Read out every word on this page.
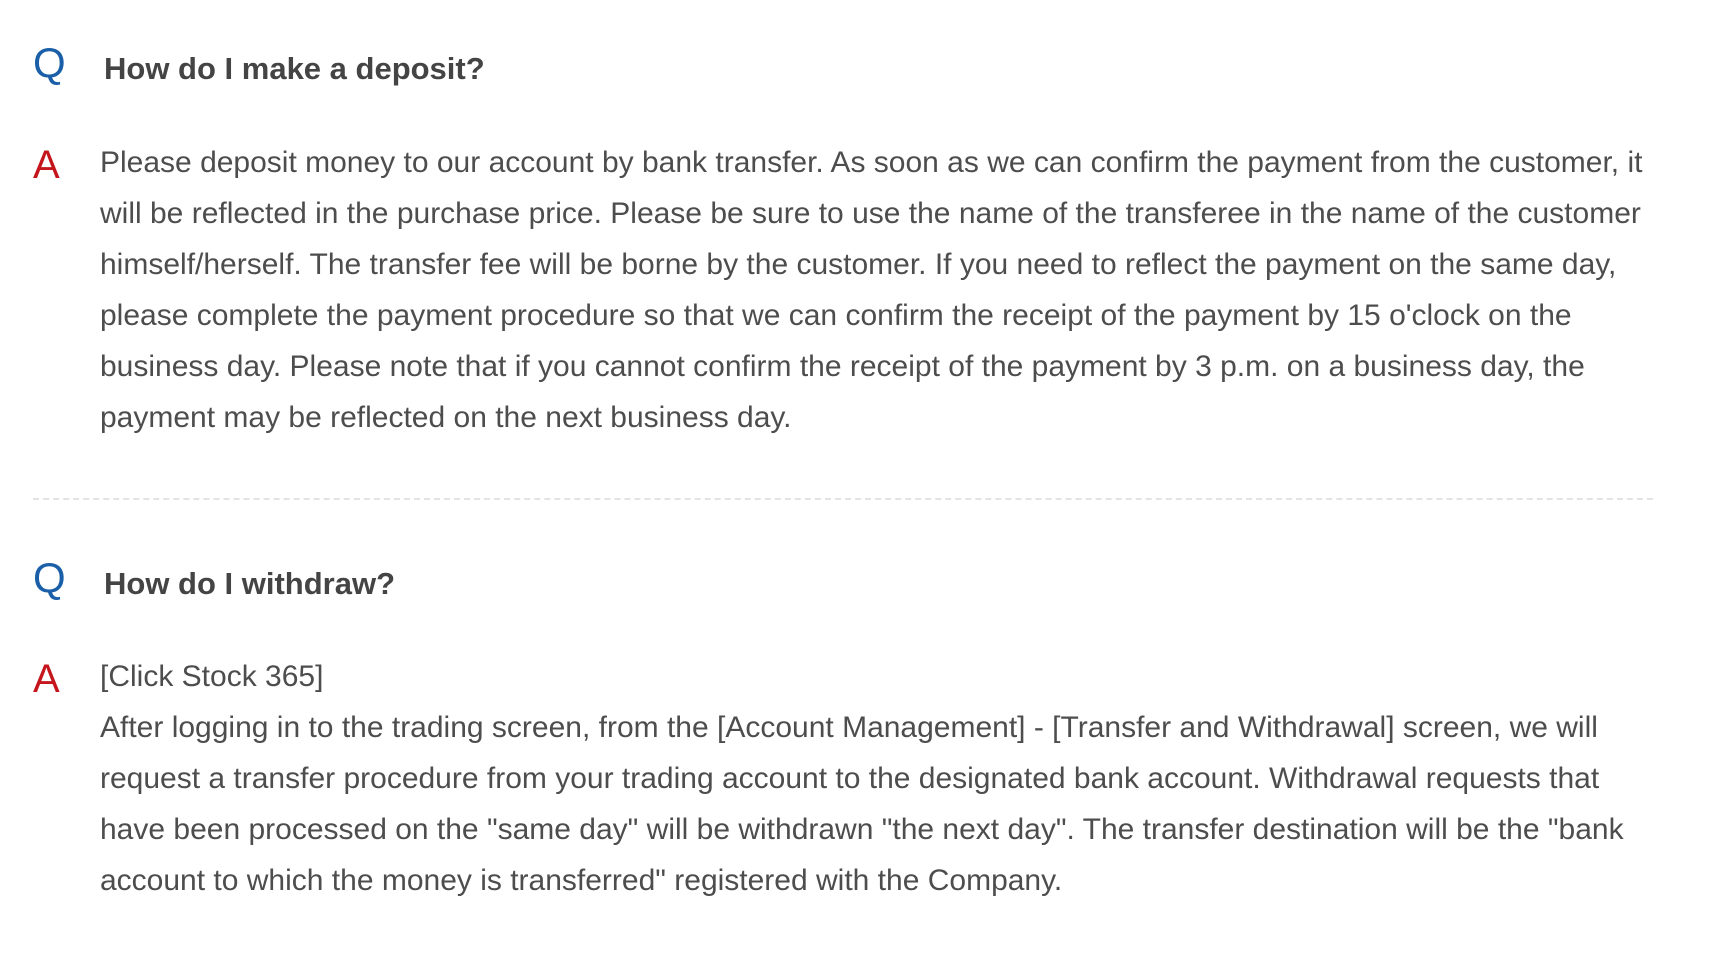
Q	How do I make a deposit?
A	Please deposit money to our account by bank transfer. As soon as we can confirm the payment from the customer, it will be reflected in the purchase price. Please be sure to use the name of the transferee in the name of the customer himself/herself. The transfer fee will be borne by the customer. If you need to reflect the payment on the same day, please complete the payment procedure so that we can confirm the receipt of the payment by 15 o'clock on the business day. Please note that if you cannot confirm the receipt of the payment by 3 p.m. on a business day, the payment may be reflected on the next business day.

Q	How do I withdraw?
A	[Click Stock 365]

After logging in to the trading screen, from the [Account Management] - [Transfer and Withdrawal] screen, we will request a transfer procedure from your trading account to the designated bank account. Withdrawal requests that have been processed on the "same day" will be withdrawn "the next day". The transfer destination will be the "bank account to which the money is transferred" registered with the Company.
